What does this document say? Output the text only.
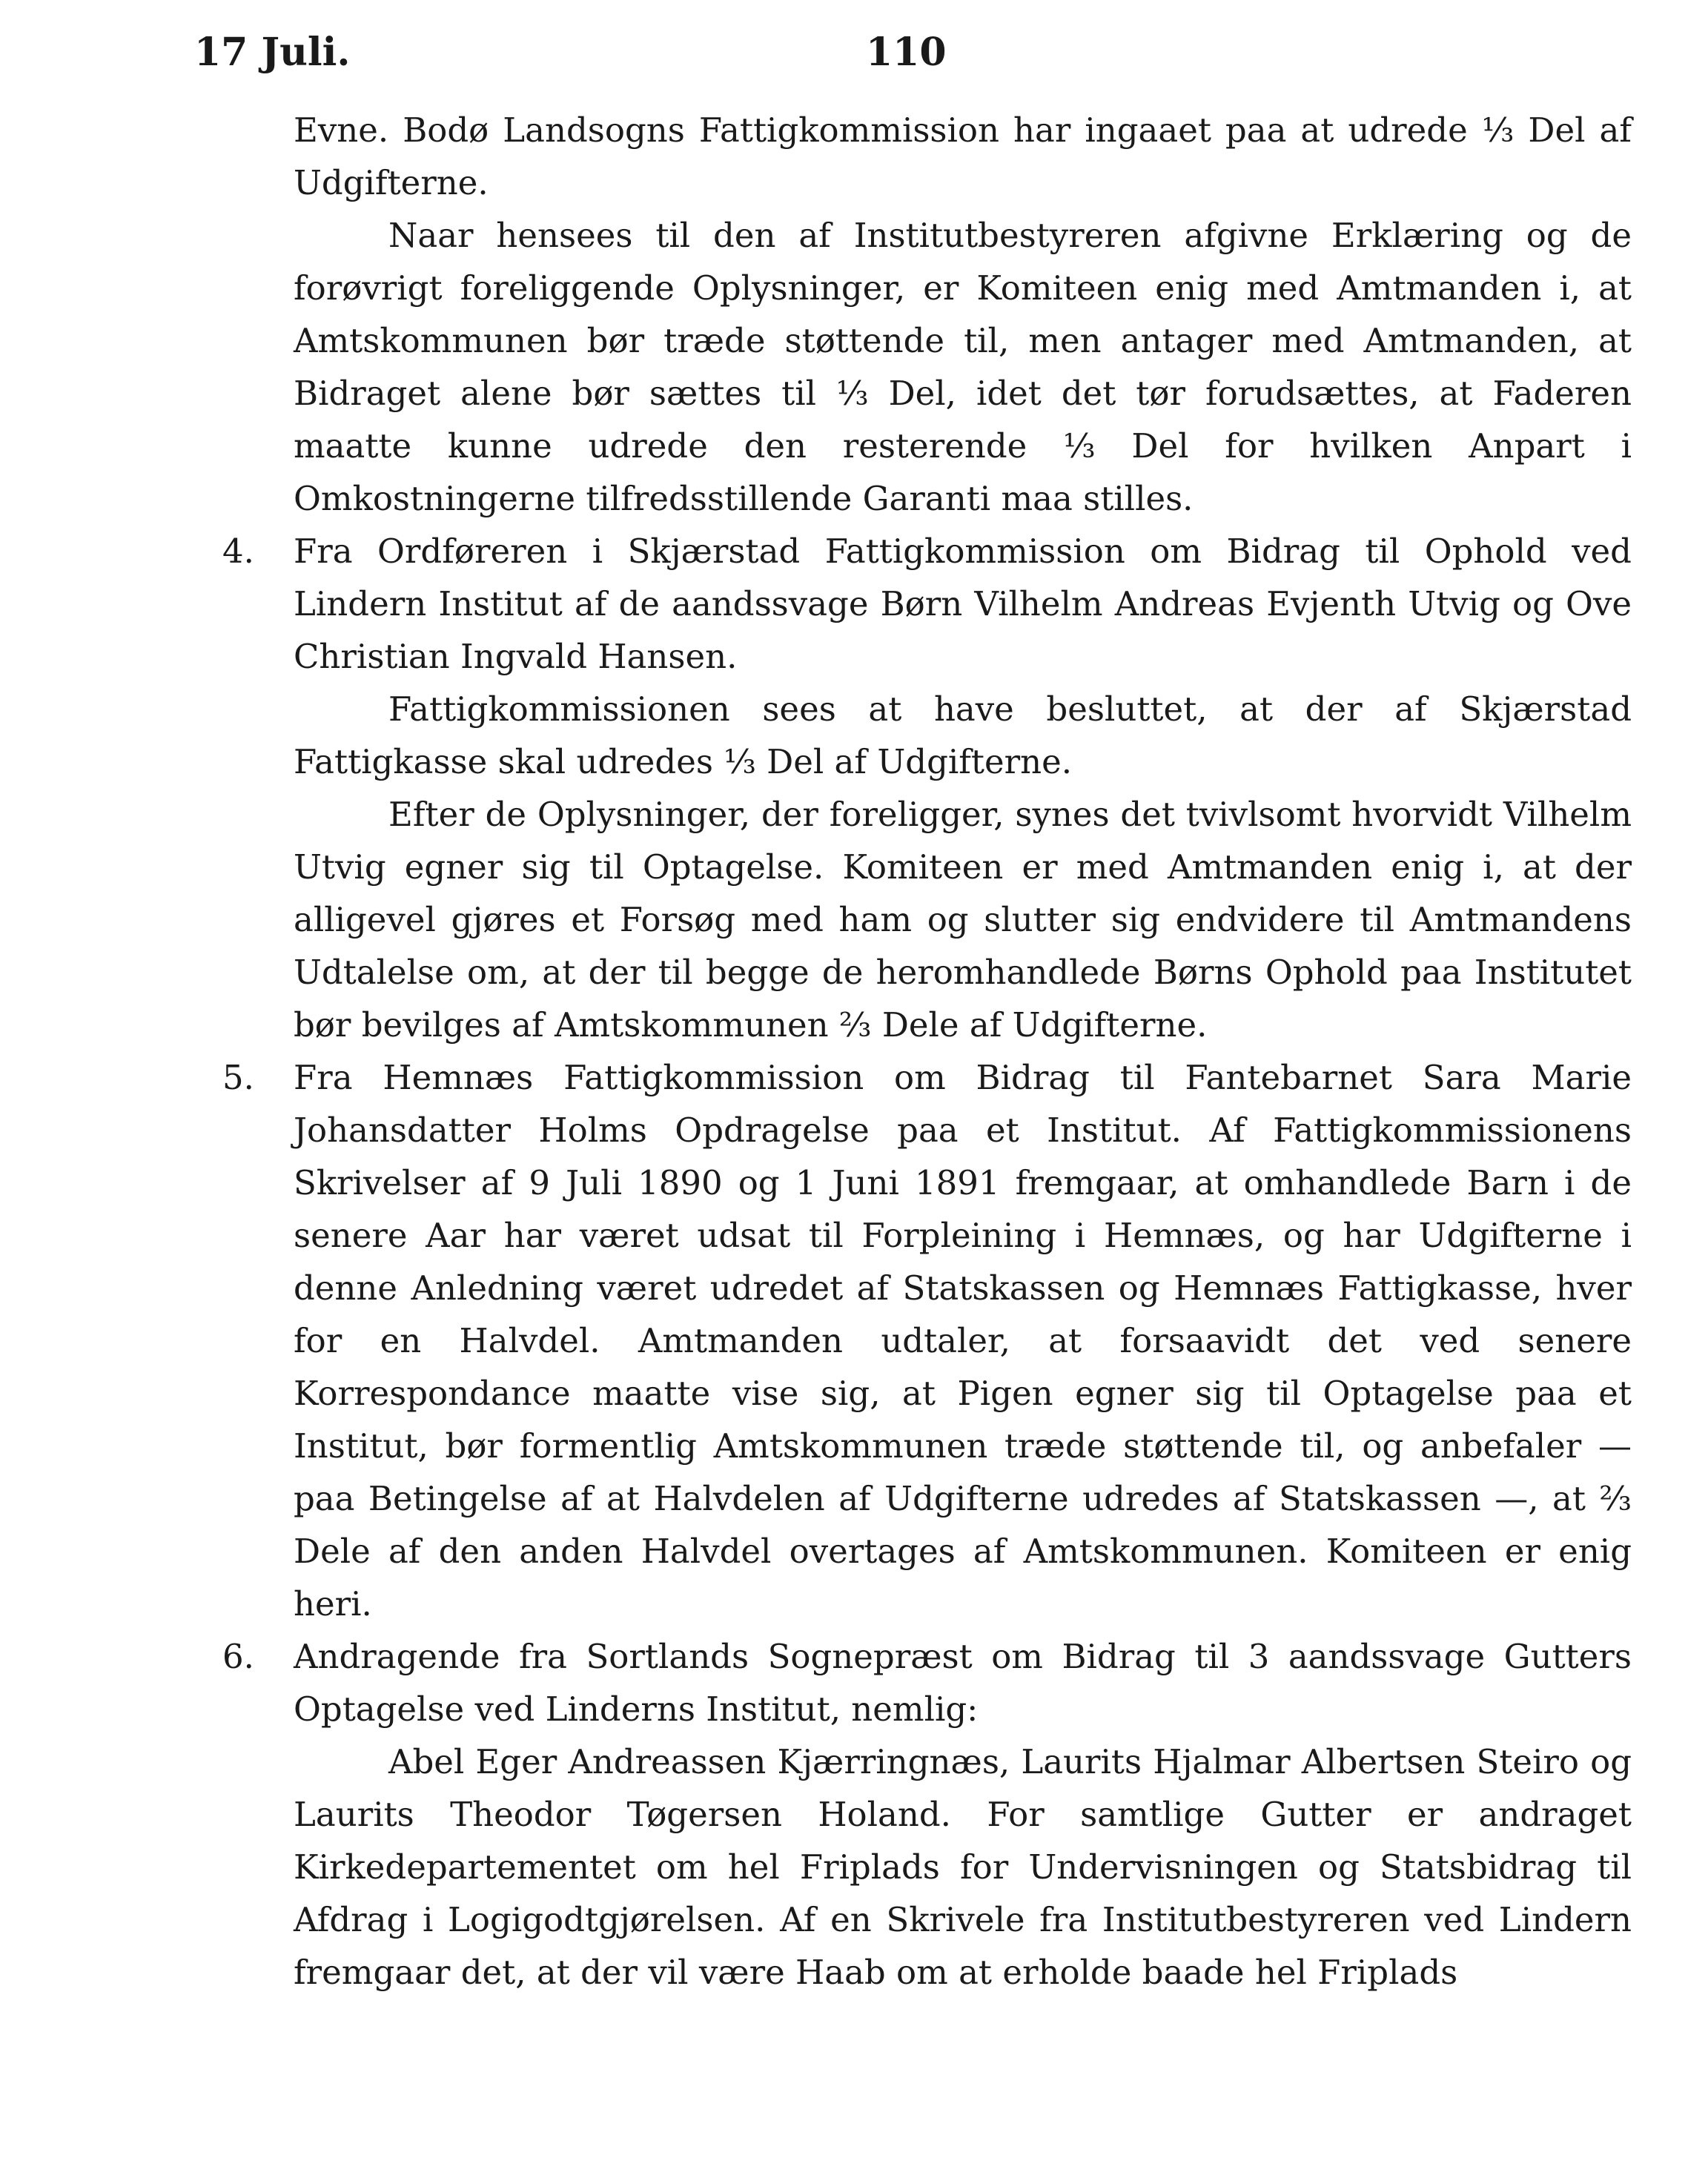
17 Juli.	110

Evne. Bodø Landsogns Fattigkommission har ingaaet paa at udrede ⅓ Del af Udgifterne.

Naar hensees til den af Institutbestyreren afgivne Erklæring og de forøvrigt foreliggende Oplysninger, er Komiteen enig med Amtmanden i, at Amtskommunen bør træde støttende til, men antager med Amtmanden, at Bidraget alene bør sættes til ⅓ Del, idet det tør forudsættes, at Faderen maatte kunne udrede den resterende ⅓ Del for hvilken Anpart i Omkostningerne tilfredsstillende Garanti maa stilles.

4. Fra Ordføreren i Skjærstad Fattigkommission om Bidrag til Ophold ved Lindern Institut af de aandssvage Børn Vilhelm Andreas Evjenth Utvig og Ove Christian Ingvald Hansen.

Fattigkommissionen sees at have besluttet, at der af Skjærstad Fattigkasse skal udredes ⅓ Del af Udgifterne.

Efter de Oplysninger, der foreligger, synes det tvivlsomt hvorvidt Vilhelm Utvig egner sig til Optagelse. Komiteen er med Amtmanden enig i, at der alligevel gjøres et Forsøg med ham og slutter sig endvidere til Amtmandens Udtalelse om, at der til begge de heromhandlede Børns Ophold paa Institutet bør bevilges af Amtskommunen ⅔ Dele af Udgifterne.

5. Fra Hemnæs Fattigkommission om Bidrag til Fantebarnet Sara Marie Johansdatter Holms Opdragelse paa et Institut. Af Fattigkommissionens Skrivelser af 9 Juli 1890 og 1 Juni 1891 fremgaar, at omhandlede Barn i de senere Aar har været udsat til Forpleining i Hemnæs, og har Udgifterne i denne Anledning været udredet af Statskassen og Hemnæs Fattigkasse, hver for en Halvdel. Amtmanden udtaler, at forsaavidt det ved senere Korrespondance maatte vise sig, at Pigen egner sig til Optagelse paa et Institut, bør formentlig Amtskommunen træde støttende til, og anbefaler — paa Betingelse af at Halvdelen af Udgifterne udredes af Statskassen —, at ⅔ Dele af den anden Halvdel overtages af Amtskommunen. Komiteen er enig heri.

6. Andragende fra Sortlands Sognepræst om Bidrag til 3 aandssvage Gutters Optagelse ved Linderns Institut, nemlig:

Abel Eger Andreassen Kjærringnæs, Laurits Hjalmar Albertsen Steiro og Laurits Theodor Tøgersen Holand. For samtlige Gutter er andraget Kirkedepartementet om hel Friplads for Undervisningen og Statsbidrag til Afdrag i Logigodtgjørelsen. Af en Skrivele fra Institutbestyreren ved Lindern fremgaar det, at der vil være Haab om at erholde baade hel Friplads
